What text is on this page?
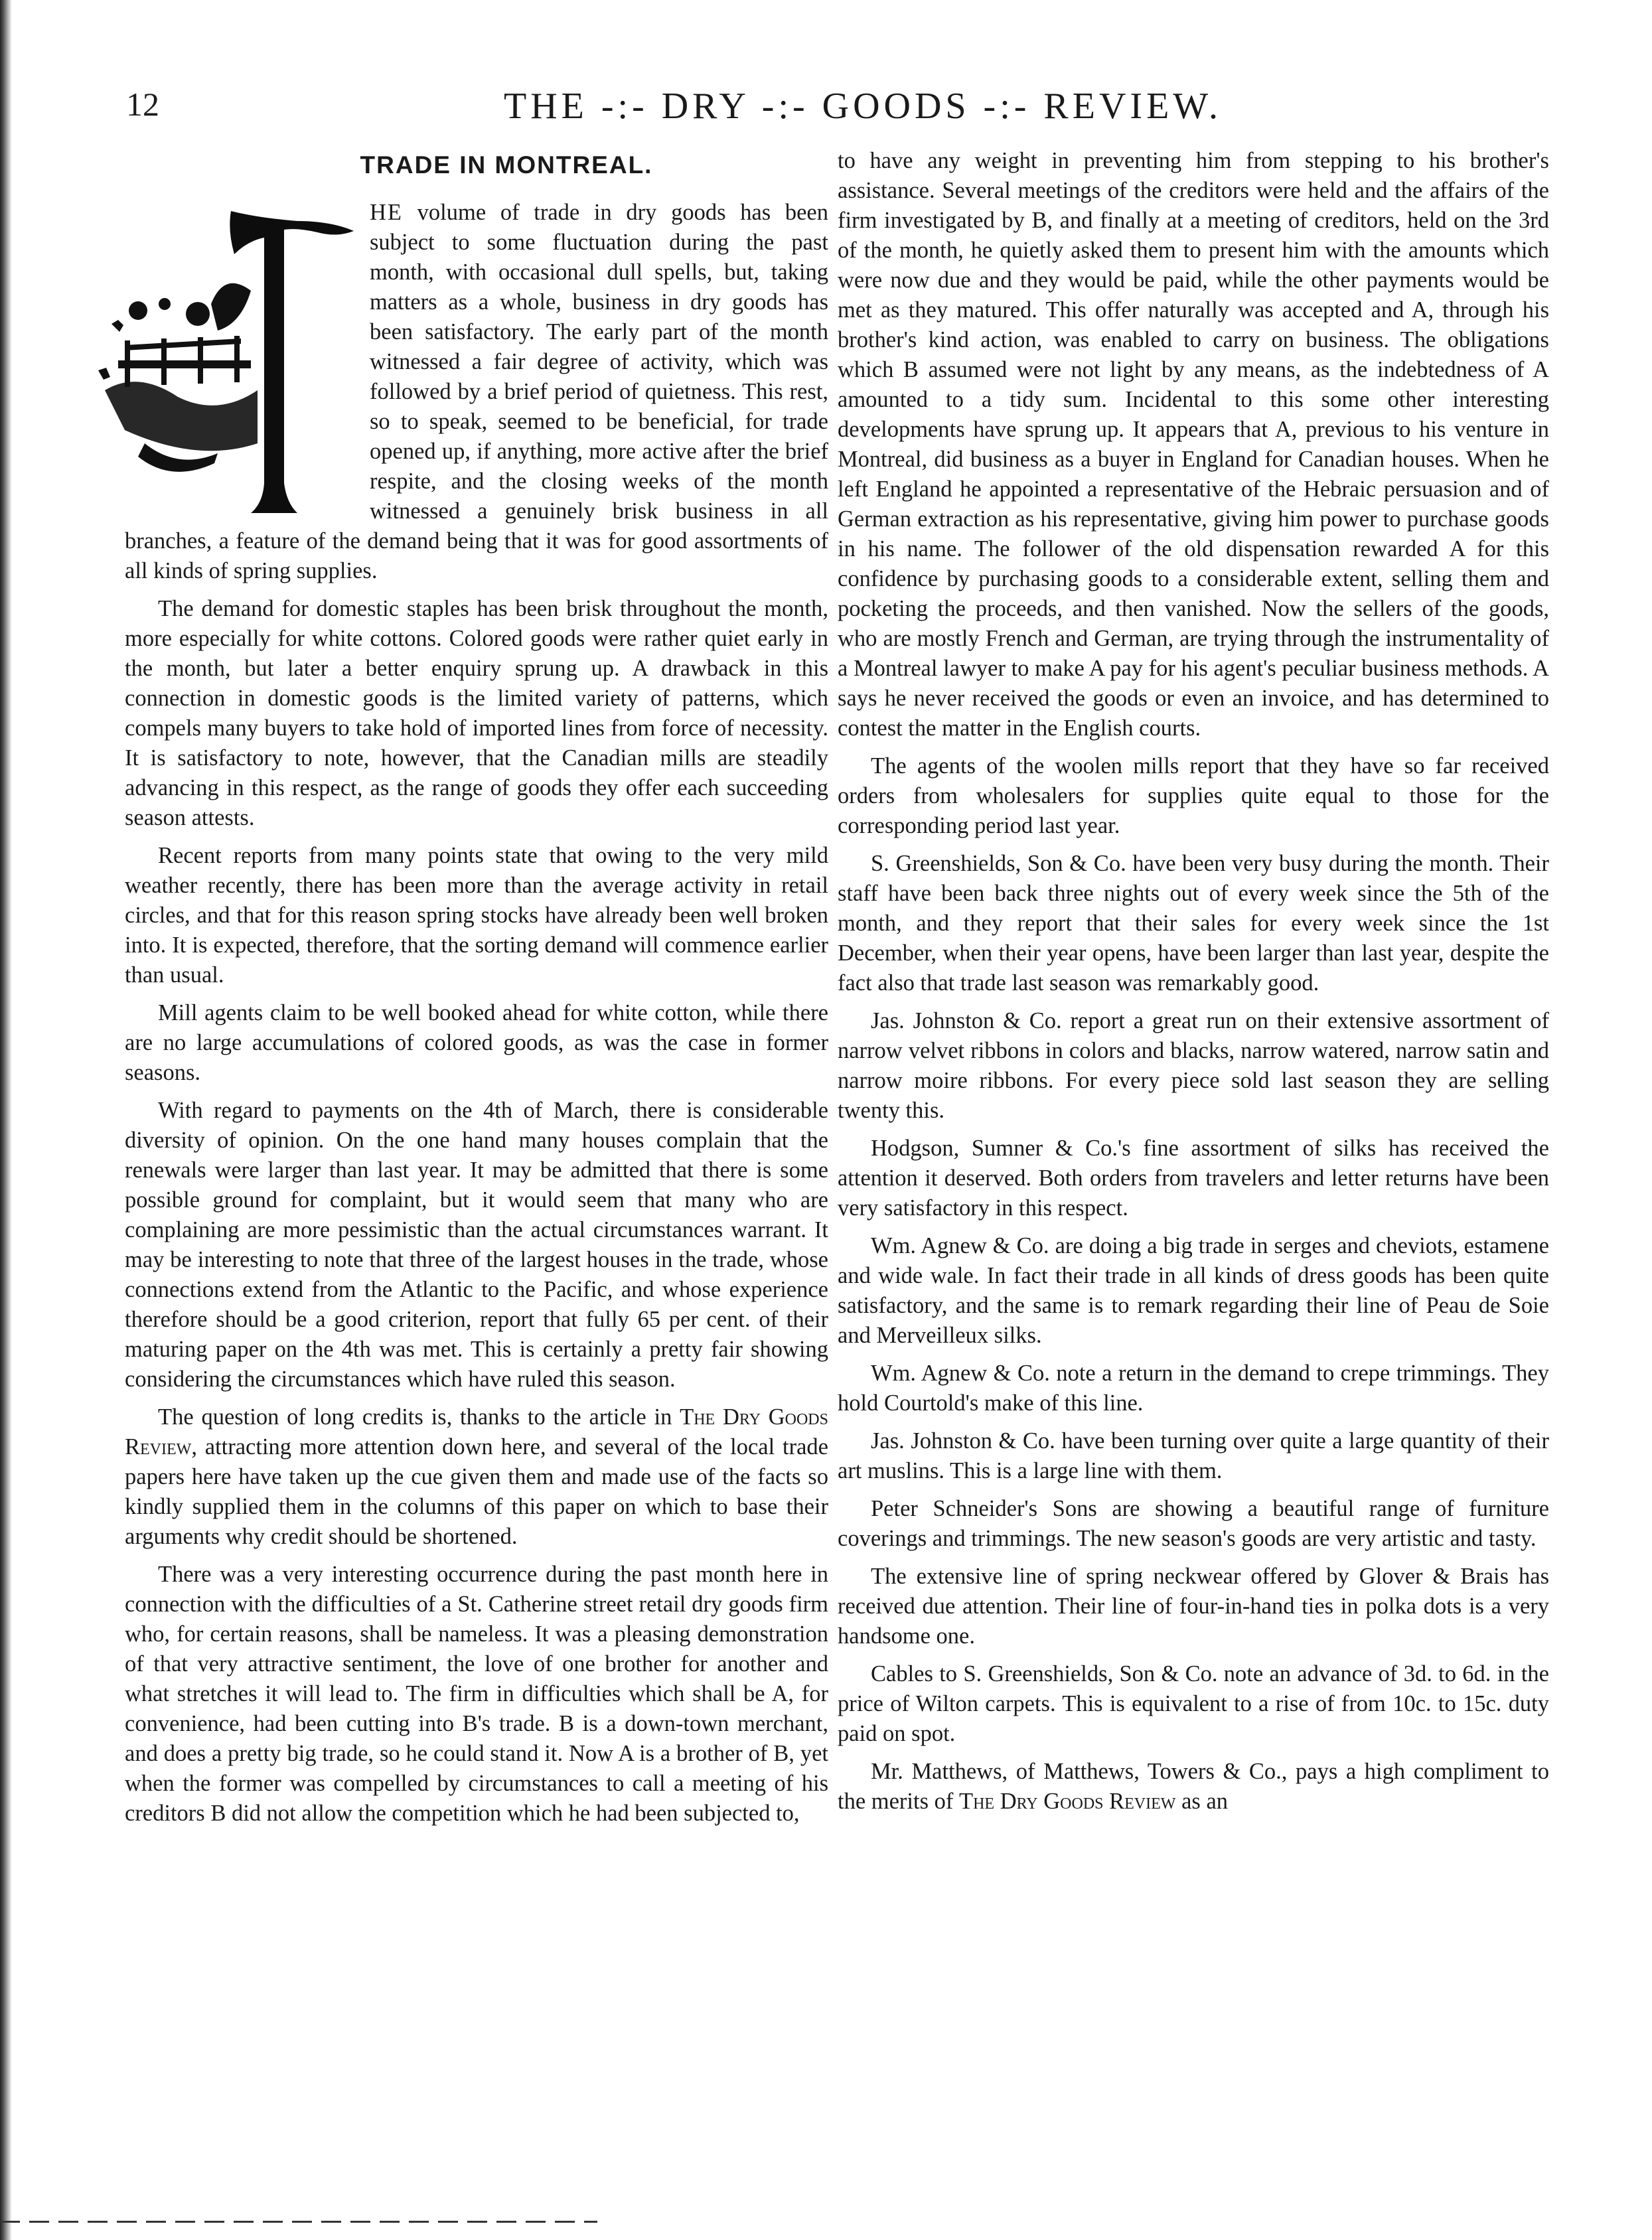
12	THE -:- DRY -:- GOODS -:- REVIEW.
TRADE IN MONTREAL.

HE volume of trade in dry goods has been subject to some fluctuation during the past month, with occasional dull spells, but, taking matters as a whole, business in dry goods has been satisfactory. The early part of the month witnessed a fair degree of activity, which was followed by a brief period of quietness. This rest, so to speak, seemed to be beneficial, for trade opened up, if anything, more active after the brief respite, and the closing weeks of the month witnessed a genuinely brisk business in all branches, a feature of the demand being that it was for good assortments of all kinds of spring supplies.

The demand for domestic staples has been brisk throughout the month, more especially for white cottons. Colored goods were rather quiet early in the month, but later a better enquiry sprung up. A drawback in this connection in domestic goods is the limited variety of patterns, which compels many buyers to take hold of imported lines from force of necessity. It is satisfactory to note, however, that the Canadian mills are steadily advancing in this respect, as the range of goods they offer each succeeding season attests.

Recent reports from many points state that owing to the very mild weather recently, there has been more than the average activity in retail circles, and that for this reason spring stocks have already been well broken into. It is expected, therefore, that the sorting demand will commence earlier than usual.

Mill agents claim to be well booked ahead for white cotton, while there are no large accumulations of colored goods, as was the case in former seasons.

With regard to payments on the 4th of March, there is considerable diversity of opinion. On the one hand many houses complain that the renewals were larger than last year. It may be admitted that there is some possible ground for complaint, but it would seem that many who are complaining are more pessimistic than the actual circumstances warrant. It may be interesting to note that three of the largest houses in the trade, whose connections extend from the Atlantic to the Pacific, and whose experience therefore should be a good criterion, report that fully 65 per cent. of their maturing paper on the 4th was met. This is certainly a pretty fair showing considering the circumstances which have ruled this season.

The question of long credits is, thanks to the article in The Dry Goods Review, attracting more attention down here, and several of the local trade papers here have taken up the cue given them and made use of the facts so kindly supplied them in the columns of this paper on which to base their arguments why credit should be shortened.

There was a very interesting occurrence during the past month here in connection with the difficulties of a St. Catherine street retail dry goods firm who, for certain reasons, shall be nameless. It was a pleasing demonstration of that very attractive sentiment, the love of one brother for another and what stretches it will lead to. The firm in difficulties which shall be A, for convenience, had been cutting into B's trade. B is a down-town merchant, and does a pretty big trade, so he could stand it. Now A is a brother of B, yet when the former was compelled by circumstances to call a meeting of his creditors B did not allow the competition which he had been subjected to,

to have any weight in preventing him from stepping to his brother's assistance. Several meetings of the creditors were held and the affairs of the firm investigated by B, and finally at a meeting of creditors, held on the 3rd of the month, he quietly asked them to present him with the amounts which were now due and they would be paid, while the other payments would be met as they matured. This offer naturally was accepted and A, through his brother's kind action, was enabled to carry on business. The obligations which B assumed were not light by any means, as the indebtedness of A amounted to a tidy sum. Incidental to this some other interesting developments have sprung up. It appears that A, previous to his venture in Montreal, did business as a buyer in England for Canadian houses. When he left England he appointed a representative of the Hebraic persuasion and of German extraction as his representative, giving him power to purchase goods in his name. The follower of the old dispensation rewarded A for this confidence by purchasing goods to a considerable extent, selling them and pocketing the proceeds, and then vanished. Now the sellers of the goods, who are mostly French and German, are trying through the instrumentality of a Montreal lawyer to make A pay for his agent's peculiar business methods. A says he never received the goods or even an invoice, and has determined to contest the matter in the English courts.

The agents of the woolen mills report that they have so far received orders from wholesalers for supplies quite equal to those for the corresponding period last year.

S. Greenshields, Son & Co. have been very busy during the month. Their staff have been back three nights out of every week since the 5th of the month, and they report that their sales for every week since the 1st December, when their year opens, have been larger than last year, despite the fact also that trade last season was remarkably good.

Jas. Johnston & Co. report a great run on their extensive assortment of narrow velvet ribbons in colors and blacks, narrow watered, narrow satin and narrow moire ribbons. For every piece sold last season they are selling twenty this.

Hodgson, Sumner & Co.'s fine assortment of silks has received the attention it deserved. Both orders from travelers and letter returns have been very satisfactory in this respect.

Wm. Agnew & Co. are doing a big trade in serges and cheviots, estamene and wide wale. In fact their trade in all kinds of dress goods has been quite satisfactory, and the same is to remark regarding their line of Peau de Soie and Merveilleux silks.

Wm. Agnew & Co. note a return in the demand to crepe trimmings. They hold Courtold's make of this line.

Jas. Johnston & Co. have been turning over quite a large quantity of their art muslins. This is a large line with them.

Peter Schneider's Sons are showing a beautiful range of furniture coverings and trimmings. The new season's goods are very artistic and tasty.

The extensive line of spring neckwear offered by Glover & Brais has received due attention. Their line of four-in-hand ties in polka dots is a very handsome one.

Cables to S. Greenshields, Son & Co. note an advance of 3d. to 6d. in the price of Wilton carpets. This is equivalent to a rise of from 10c. to 15c. duty paid on spot.

Mr. Matthews, of Matthews, Towers & Co., pays a high compliment to the merits of The Dry Goods Review as an
